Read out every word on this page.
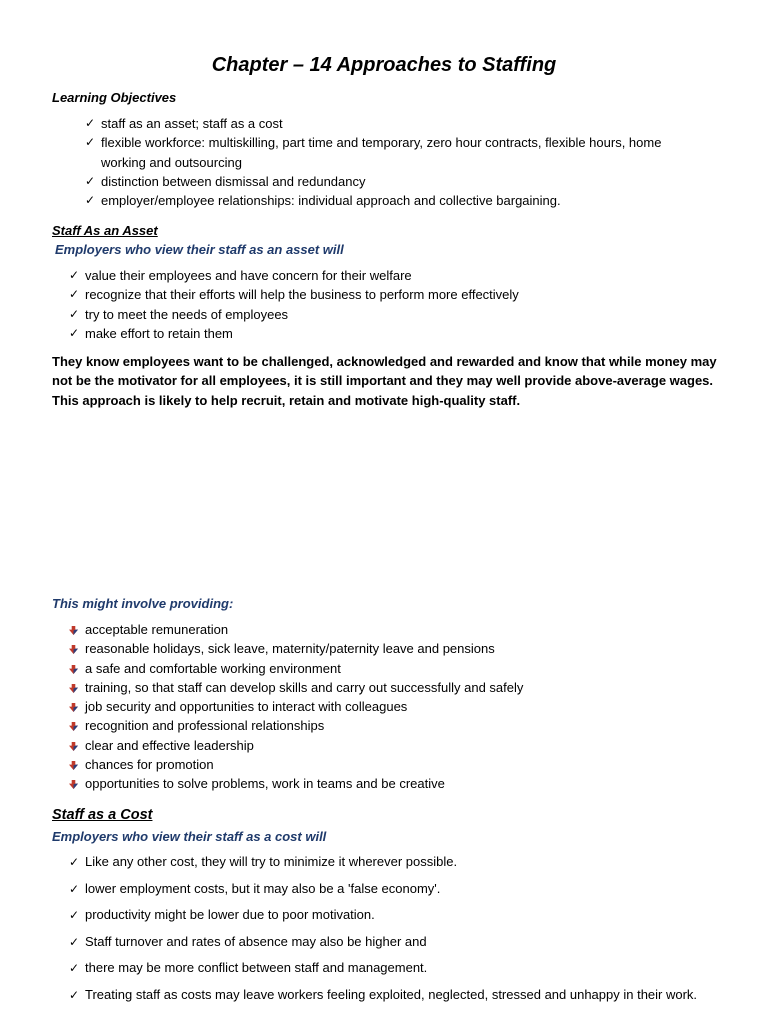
Chapter – 14 Approaches to Staffing
Learning Objectives
✓ staff as an asset; staff as a cost
✓ flexible workforce: multiskilling, part time and temporary, zero hour contracts, flexible hours, home working and outsourcing
✓ distinction between dismissal and redundancy
✓ employer/employee relationships: individual approach and collective bargaining.
Staff As an Asset
Employers who view their staff as an asset will
✓ value their employees and have concern for their welfare
✓ recognize that their efforts will help the business to perform more effectively
✓ try to meet the needs of employees
✓ make effort to retain them
They know employees want to be challenged, acknowledged and rewarded and know that while money may not be the motivator for all employees, it is still important and they may well provide above-average wages. This approach is likely to help recruit, retain and motivate high-quality staff.
This might involve providing:
acceptable remuneration
reasonable holidays, sick leave, maternity/paternity leave and pensions
a safe and comfortable working environment
training, so that staff can develop skills and carry out successfully and safely
job security and opportunities to interact with colleagues
recognition and professional relationships
clear and effective leadership
chances for promotion
opportunities to solve problems, work in teams and be creative
Staff as a Cost
Employers who view their staff as a cost will
✓ Like any other cost, they will try to minimize it wherever possible.
✓ lower employment costs, but it may also be a 'false economy'.
✓ productivity might be lower due to poor motivation.
✓ Staff turnover and rates of absence may also be higher and
✓ there may be more conflict between staff and management.
✓ Treating staff as costs may leave workers feeling exploited, neglected, stressed and unhappy in their work.
